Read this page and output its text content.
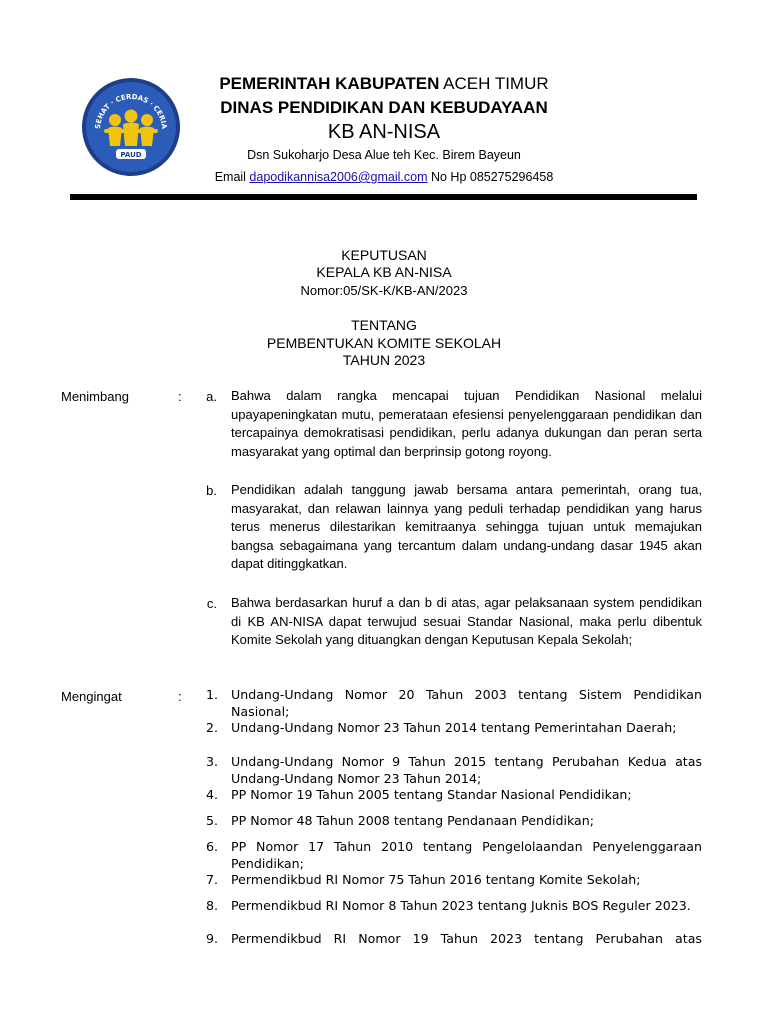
SEHAT · CERDAS · CERIA
PAUD
PEMERINTAH KABUPATEN ACEH TIMUR
DINAS PENDIDIKAN DAN KEBUDAYAAN
KB AN-NISA
Dsn Sukoharjo Desa Alue teh Kec. Birem Bayeun
Email dapodikannisa2006@gmail.com No Hp 085275296458
KEPUTUSAN
KEPALA KB AN-NISA
Nomor:05/SK-K/KB-AN/2023
TENTANG
PEMBENTUKAN KOMITE SEKOLAH
TAHUN 2023
Menimbang	:	a. Bahwa dalam rangka mencapai tujuan Pendidikan Nasional melalui upayapeningkatan mutu, pemerataan efesiensi penyelenggaraan pendidikan dan tercapainya demokratisasi pendidikan, perlu adanya dukungan dan peran serta masyarakat yang optimal dan berprinsip gotong royong.
b. Pendidikan adalah tanggung jawab bersama antara pemerintah, orang tua, masyarakat, dan relawan lainnya yang peduli terhadap pendidikan yang harus terus menerus dilestarikan kemitraanya sehingga tujuan untuk memajukan bangsa sebagaimana yang tercantum dalam undang-undang dasar 1945 akan dapat ditinggkatkan.
c. Bahwa berdasarkan huruf a dan b di atas, agar pelaksanaan system pendidikan di KB AN-NISA dapat terwujud sesuai Standar Nasional, maka perlu dibentuk Komite Sekolah yang dituangkan dengan Keputusan Kepala Sekolah;
Mengingat	:	1. Undang-Undang Nomor 20 Tahun 2003 tentang Sistem Pendidikan Nasional;
2. Undang-Undang Nomor 23 Tahun 2014 tentang Pemerintahan Daerah;
3. Undang-Undang Nomor 9 Tahun 2015 tentang Perubahan Kedua atas Undang-Undang Nomor 23 Tahun 2014;
4. PP Nomor 19 Tahun 2005 tentang Standar Nasional Pendidikan;
5. PP Nomor 48 Tahun 2008 tentang Pendanaan Pendidikan;
6. PP Nomor 17 Tahun 2010 tentang Pengelolaandan Penyelenggaraan Pendidikan;
7. Permendikbud RI Nomor 75 Tahun 2016 tentang Komite Sekolah;
8. Permendikbud RI Nomor 8 Tahun 2023 tentang Juknis BOS Reguler 2023.
9. Permendikbud RI Nomor 19 Tahun 2023 tentang Perubahan atas
